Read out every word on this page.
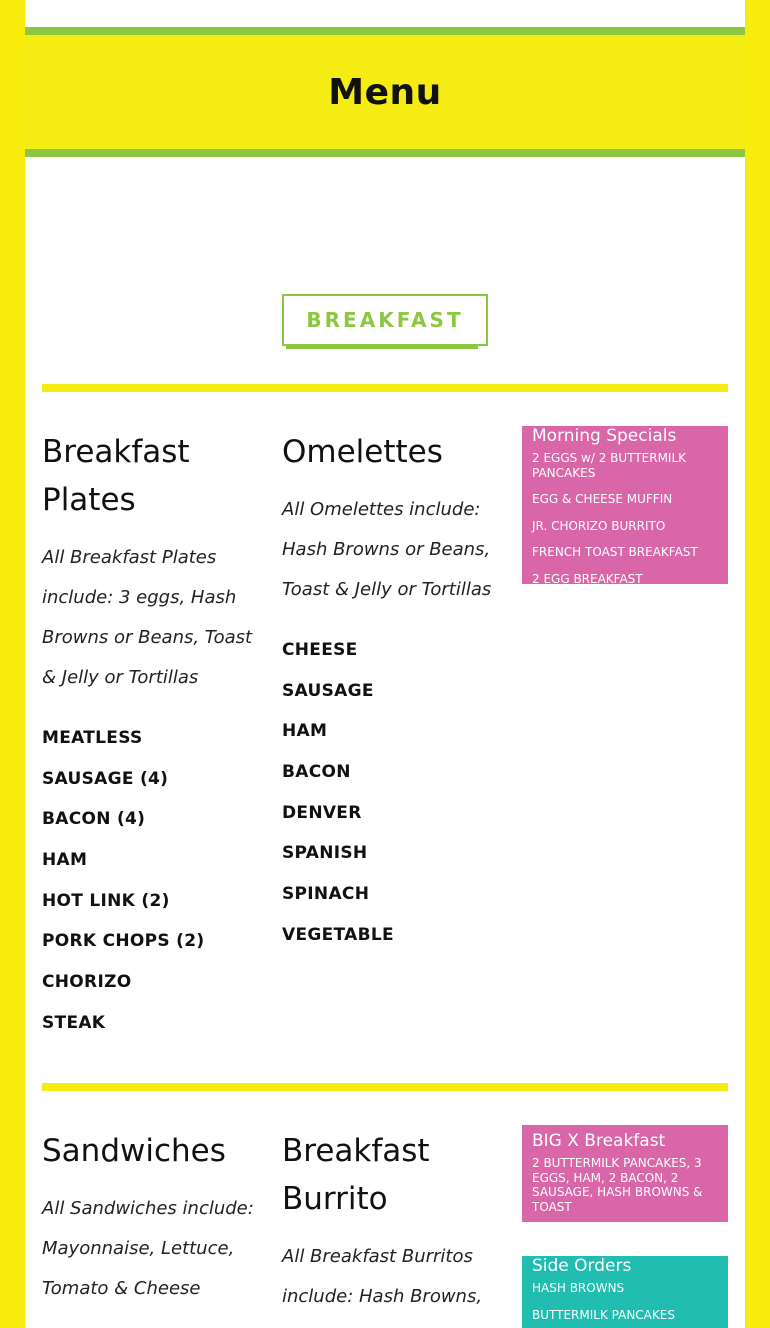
Menu
BREAKFAST
Breakfast Plates

All Breakfast Plates include: 3 eggs, Hash Browns or Beans, Toast & Jelly or Tortillas

MEATLESS
SAUSAGE (4)
BACON (4)
HAM
HOT LINK (2)
PORK CHOPS (2)
CHORIZO
STEAK
Omelettes

All Omelettes include: Hash Browns or Beans, Toast & Jelly or Tortillas

CHEESE
SAUSAGE
HAM
BACON
DENVER
SPANISH
SPINACH
VEGETABLE
Morning Specials
2 EGGS w/ 2 BUTTERMILK PANCAKES
EGG & CHEESE MUFFIN
JR. CHORIZO BURRITO
FRENCH TOAST BREAKFAST
2 EGG BREAKFAST
Sandwiches

All Sandwiches include: Mayonnaise, Lettuce, Tomato & Cheese

Breakfast Burrito

All Breakfast Burritos include: Hash Browns,

BIG X Breakfast
2 BUTTERMILK PANCAKES, 3 EGGS, HAM, 2 BACON, 2 SAUSAGE, HASH BROWNS & TOAST
Side Orders
HASH BROWNS
BUTTERMILK PANCAKES
